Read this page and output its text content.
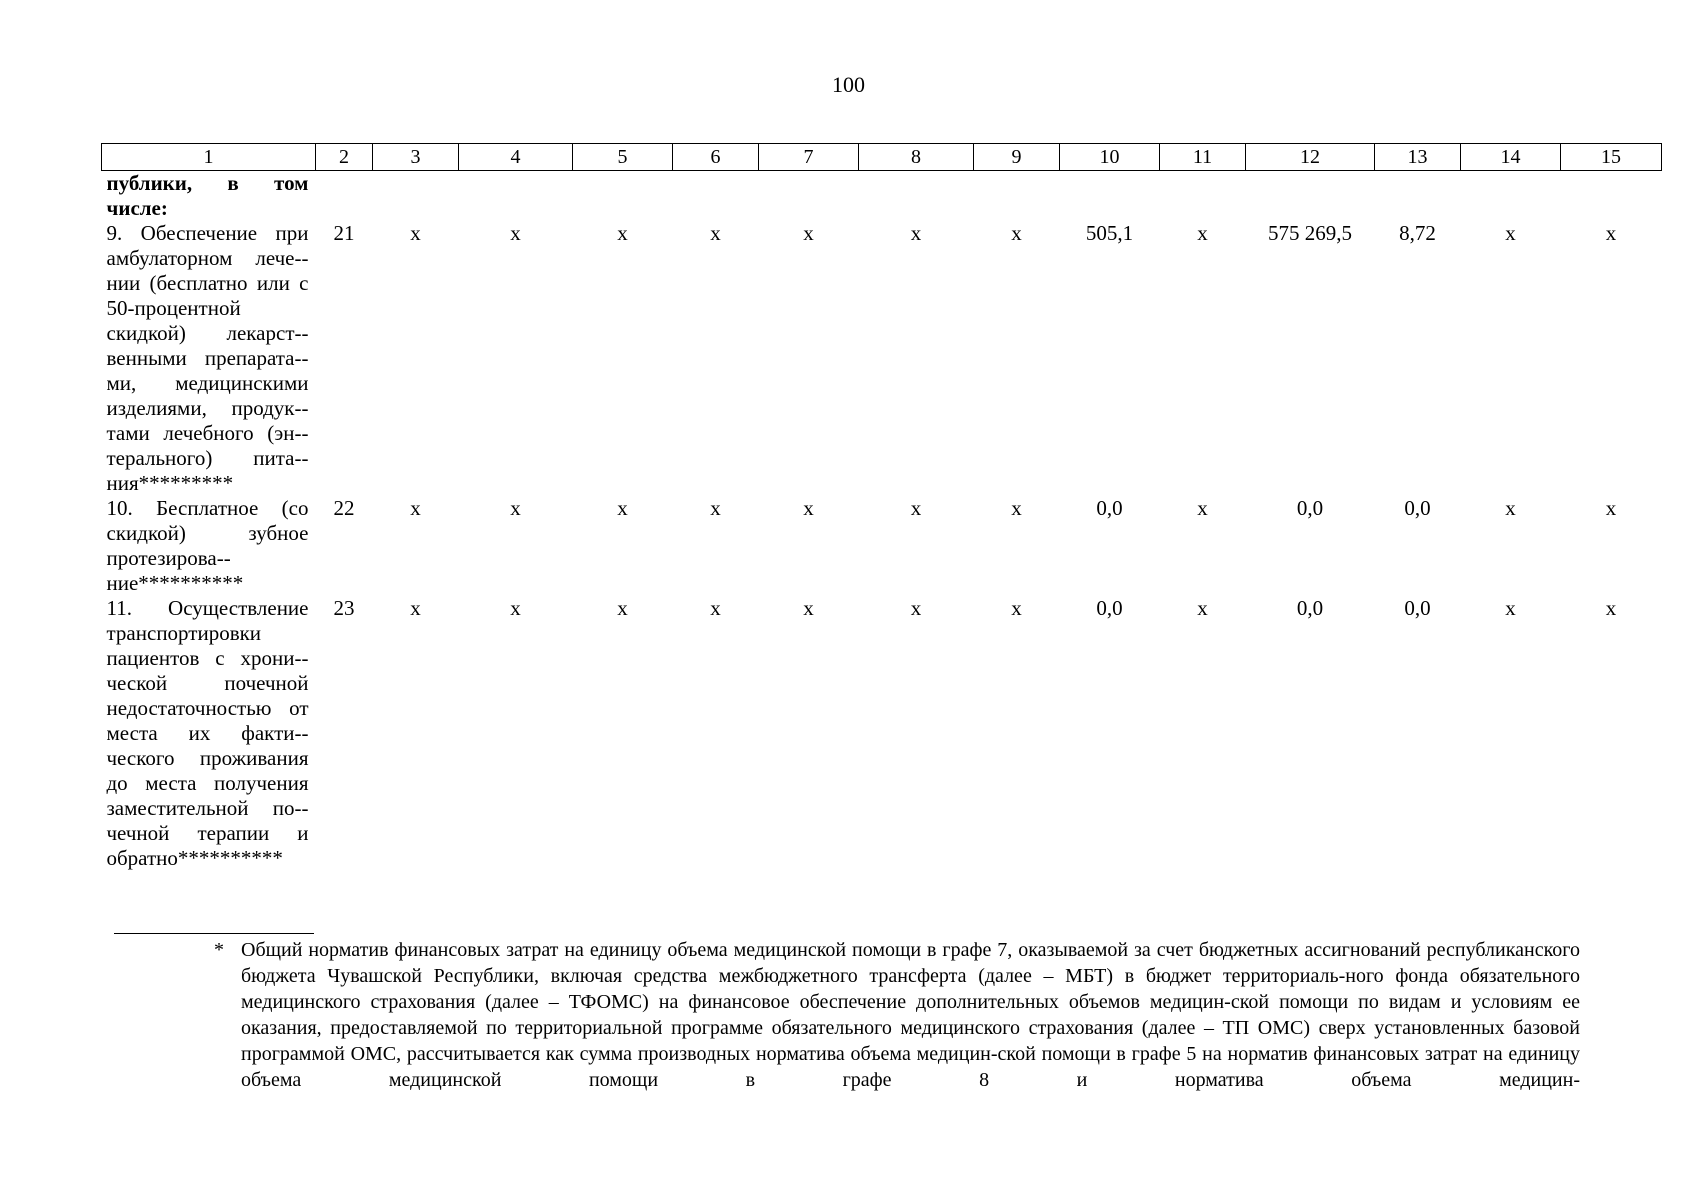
100
1	2	3	4	5	6	7	8	9	10	11	12	13	14	15

публики, в том
числе:														
9. Обеспечение при амбулаторном лече-нии (бесплатно или с 50-процентной скидкой) лекарст-венными препарата-ми, медицинскими изделиями, продук-тами лечебного (эн-терального) пита-ния*********	21	х	х	х	х	х	х	х	505,1	х	575 269,5	8,72	х	х
10. Бесплатное (со скидкой) зубное протезирова-ние**********	22	х	х	х	х	х	х	х	0,0	х	0,0	0,0	х	х
11. Осуществление транспортировки пациентов с хрони-ческой почечной недостаточностью от места их факти-ческого проживания до места получения заместительной по-чечной терапии и обратно**********	23	х	х	х	х	х	х	х	0,0	х	0,0	0,0	х	х
* Общий норматив финансовых затрат на единицу объема медицинской помощи в графе 7, оказываемой за счет бюджетных ассигнований республиканского бюджета Чувашской Республики, включая средства межбюджетного трансферта (далее – МБТ) в бюджет территориаль-ного фонда обязательного медицинского страхования (далее – ТФОМС) на финансовое обеспечение дополнительных объемов медицин-ской помощи по видам и условиям ее оказания, предоставляемой по территориальной программе обязательного медицинского страхования (далее – ТП ОМС) сверх установленных базовой программой ОМС, рассчитывается как сумма производных норматива объема медицин-ской помощи в графе 5 на норматив финансовых затрат на единицу объема медицинской помощи в графе 8 и норматива объема медицин-
